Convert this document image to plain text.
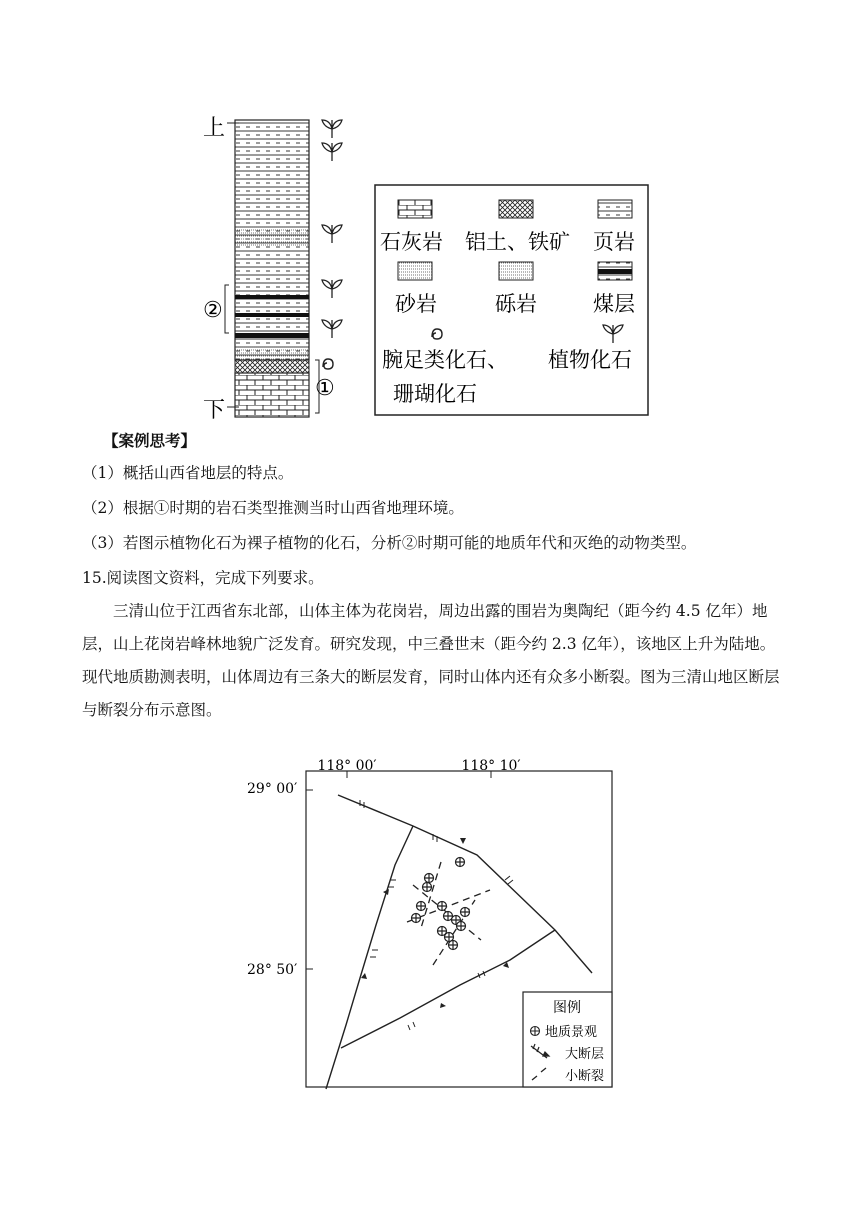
上
下
②
①
石灰岩 铝土、铁矿 页岩
砂岩	砾岩	煤层
腕足类化石、
珊瑚化石
植物化石
【案例思考】
（1）概括山西省地层的特点。
（2）根据①时期的岩石类型推测当时山西省地理环境。
（3）若图示植物化石为裸子植物的化石，分析②时期可能的地质年代和灭绝的动物类型。
15.阅读图文资料，完成下列要求。
三清山位于江西省东北部，山体主体为花岗岩，周边出露的围岩为奥陶纪（距今约 4.5 亿年）地层，山上花岗岩峰林地貌广泛发育。研究发现，中三叠世末（距今约 2.3 亿年），该地区上升为陆地。现代地质勘测表明，山体周边有三条大的断层发育，同时山体内还有众多小断裂。图为三清山地区断层与断裂分布示意图。
118° 00′	118° 10′
29° 00′
28° 50′
图例
地质景观
大断层
小断裂
